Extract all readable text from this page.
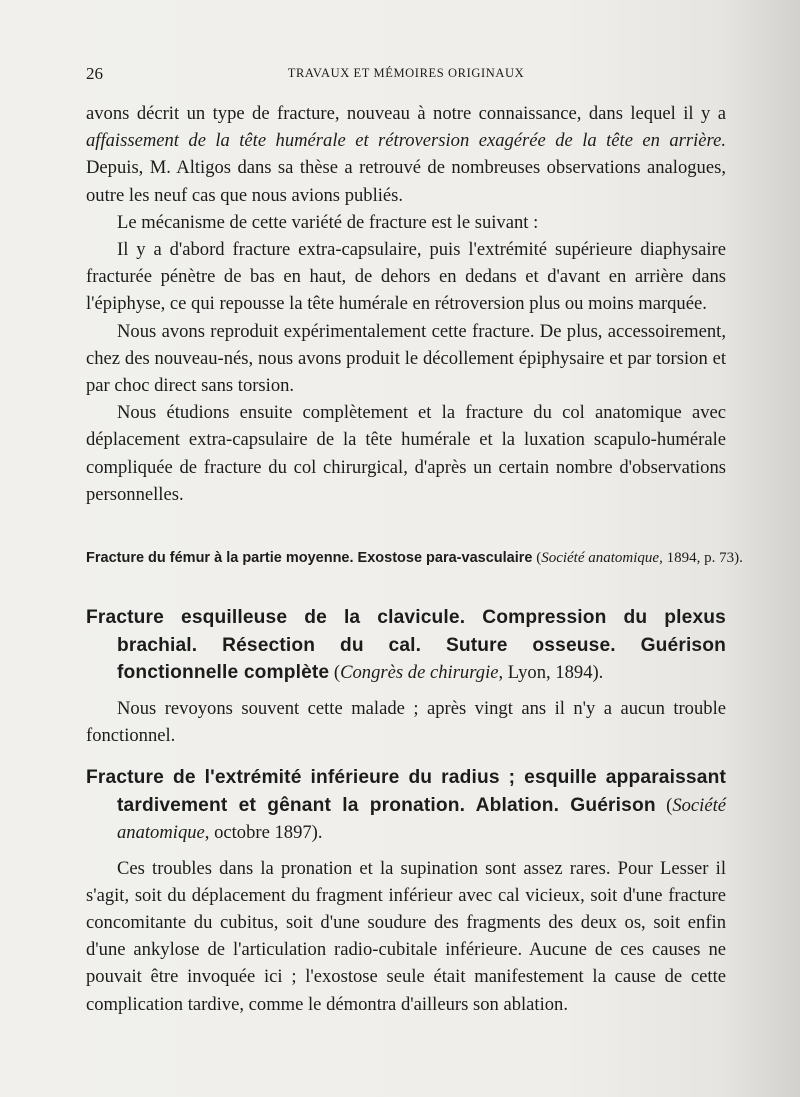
26	TRAVAUX ET MÉMOIRES ORIGINAUX

avons décrit un type de fracture, nouveau à notre connaissance, dans lequel il y a affaissement de la tête humérale et rétroversion exagérée de la tête en arrière. Depuis, M. Altigos dans sa thèse a retrouvé de nombreuses observations analogues, outre les neuf cas que nous avions publiés.

Le mécanisme de cette variété de fracture est le suivant :

Il y a d'abord fracture extra-capsulaire, puis l'extrémité supérieure diaphysaire fracturée pénètre de bas en haut, de dehors en dedans et d'avant en arrière dans l'épiphyse, ce qui repousse la tête humérale en rétroversion plus ou moins marquée.

Nous avons reproduit expérimentalement cette fracture. De plus, accessoirement, chez des nouveau-nés, nous avons produit le décollement épiphysaire et par torsion et par choc direct sans torsion.

Nous étudions ensuite complètement et la fracture du col anatomique avec déplacement extra-capsulaire de la tête humérale et la luxation scapulo-humérale compliquée de fracture du col chirurgical, d'après un certain nombre d'observations personnelles.

Fracture du fémur à la partie moyenne. Exostose para-vasculaire (Société anatomique, 1894, p. 73).
Fracture esquilleuse de la clavicule. Compression du plexus brachial. Résection du cal. Suture osseuse. Guérison fonctionnelle complète (Congrès de chirurgie, Lyon, 1894).

Nous revoyons souvent cette malade ; après vingt ans il n'y a aucun trouble fonctionnel.

Fracture de l'extrémité inférieure du radius ; esquille apparaissant tardivement et gênant la pronation. Ablation. Guérison (Société anatomique, octobre 1897).

Ces troubles dans la pronation et la supination sont assez rares. Pour Lesser il s'agit, soit du déplacement du fragment inférieur avec cal vicieux, soit d'une fracture concomitante du cubitus, soit d'une soudure des fragments des deux os, soit enfin d'une ankylose de l'articulation radio-cubitale inférieure. Aucune de ces causes ne pouvait être invoquée ici ; l'exostose seule était manifestement la cause de cette complication tardive, comme le démontra d'ailleurs son ablation.
